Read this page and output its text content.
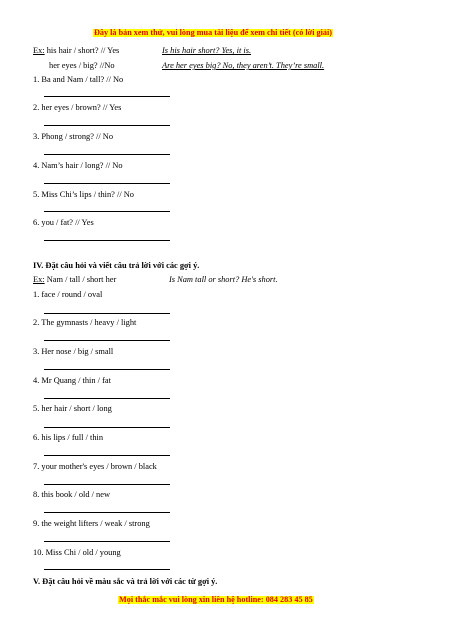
Đây là bản xem thử, vui lòng mua tài liệu để xem chi tiết (có lời giải)
Ex: his hair / short? // Yes	Is his hair short? Yes, it is.
her eyes / big? //No	Are her eyes big? No, they aren’t. They’re small.
1. Ba and Nam / tall? // No
2. her eyes / brown? // Yes
3. Phong / strong? // No
4. Nam’s hair / long? // No
5. Miss Chi’s lips / thin? // No
6. you / fat? // Yes
IV. Đặt câu hỏi và viết câu trả lời với các gợi ý.
Ex: Nam / tall / short her	Is Nam tall or short? He's short.
1. face / round / oval
2. The gymnasts / heavy / light
3. Her nose / big / small
4. Mr Quang / thin / fat
5. her hair / short / long
6. his lips / full / thin
7. your mother's eyes / brown / black
8. this book / old / new
9. the weight lifters / weak / strong
10. Miss Chi / old / young
V. Đặt câu hỏi về màu sắc và trả lời với các từ gợi ý.
Mọi thắc mắc vui lòng xin liên hệ hotline: 084 283 45 85
